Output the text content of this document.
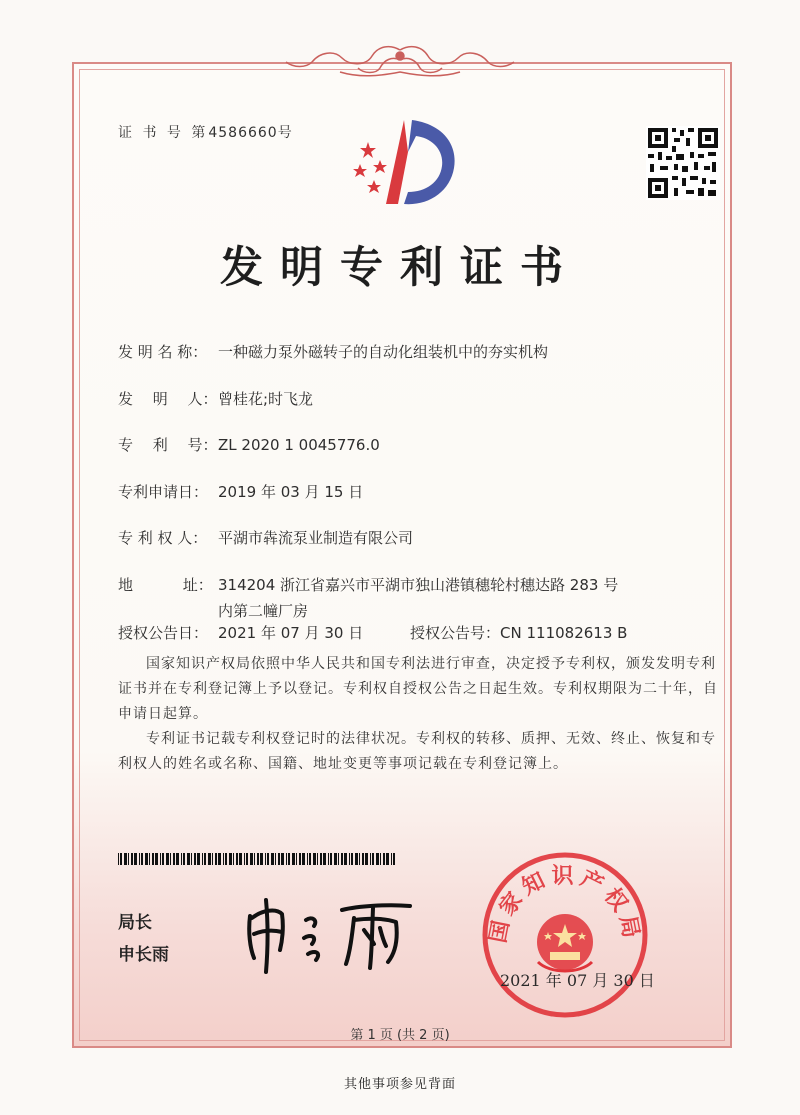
证 书 号 第4586660号
发明专利证书
发 明 名 称： 一种磁力泵外磁转子的自动化组装机中的夯实机构
发　 明　 人：曾桂花;时飞龙
专　 利　 号：ZL 2020 1 0045776.0
专利申请日： 2019 年 03 月 15 日
专 利 权 人： 平湖市犇流泵业制造有限公司
地　　　 址： 314204 浙江省嘉兴市平湖市独山港镇穗轮村穗达路 283 号
内第二幢厂房
授权公告日： 2021 年 07 月 30 日	授权公告号：CN 111082613 B
国家知识产权局依照中华人民共和国专利法进行审查，决定授予专利权，颁发发明专利证书并在专利登记簿上予以登记。专利权自授权公告之日起生效。专利权期限为二十年，自申请日起算。
专利证书记载专利权登记时的法律状况。专利权的转移、质押、无效、终止、恢复和专利权人的姓名或名称、国籍、地址变更等事项记载在专利登记簿上。
局长
申长雨
国家知识产权局
2021 年 07 月 30 日
第 1 页 (共 2 页)
其他事项参见背面
